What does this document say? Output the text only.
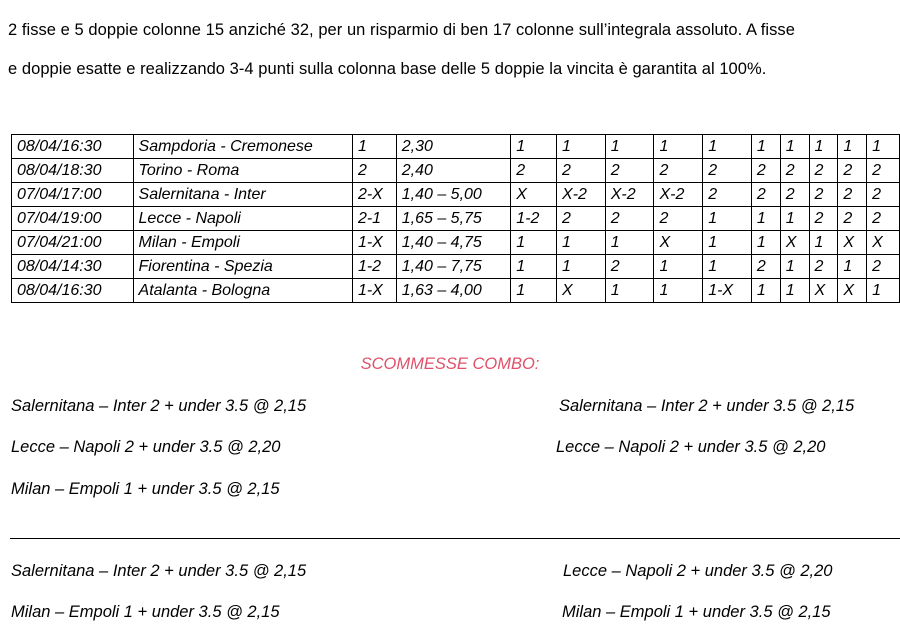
2 fisse e 5 doppie colonne 15 anziché 32, per un risparmio di ben 17 colonne sull’integrala assoluto. A fisse

e doppie esatte e realizzando 3-4 punti sulla colonna base delle 5 doppie la vincita è garantita al 100%.

08/04/16:30	Sampdoria - Cremonese	1	2,30	1	1	1	1	1	1	1	1	1	1
08/04/18:30	Torino - Roma	2	2,40	2	2	2	2	2	2	2	2	2	2
07/04/17:00	Salernitana - Inter	2-X	1,40 – 5,00	X	X-2	X-2	X-2	2	2	2	2	2	2
07/04/19:00	Lecce - Napoli	2-1	1,65 – 5,75	1-2	2	2	2	1	1	1	2	2	2
07/04/21:00	Milan - Empoli	1-X	1,40 – 4,75	1	1	1	X	1	1	X	1	X	X
08/04/14:30	Fiorentina - Spezia	1-2	1,40 – 7,75	1	1	2	1	1	2	1	2	1	2
08/04/16:30	Atalanta - Bologna	1-X	1,63 – 4,00	1	X	1	1	1-X	1	1	X	X	1
SCOMMESSE COMBO:
Salernitana – Inter 2 + under 3.5 @ 2,15
Lecce – Napoli 2 + under 3.5 @ 2,20
Milan – Empoli 1 + under 3.5 @ 2,15
Salernitana – Inter 2 + under 3.5 @ 2,15
Lecce – Napoli 2 + under 3.5 @ 2,20
Salernitana – Inter 2 + under 3.5 @ 2,15
Milan – Empoli 1 + under 3.5 @ 2,15
Lecce – Napoli 2 + under 3.5 @ 2,20
Milan – Empoli 1 + under 3.5 @ 2,15
